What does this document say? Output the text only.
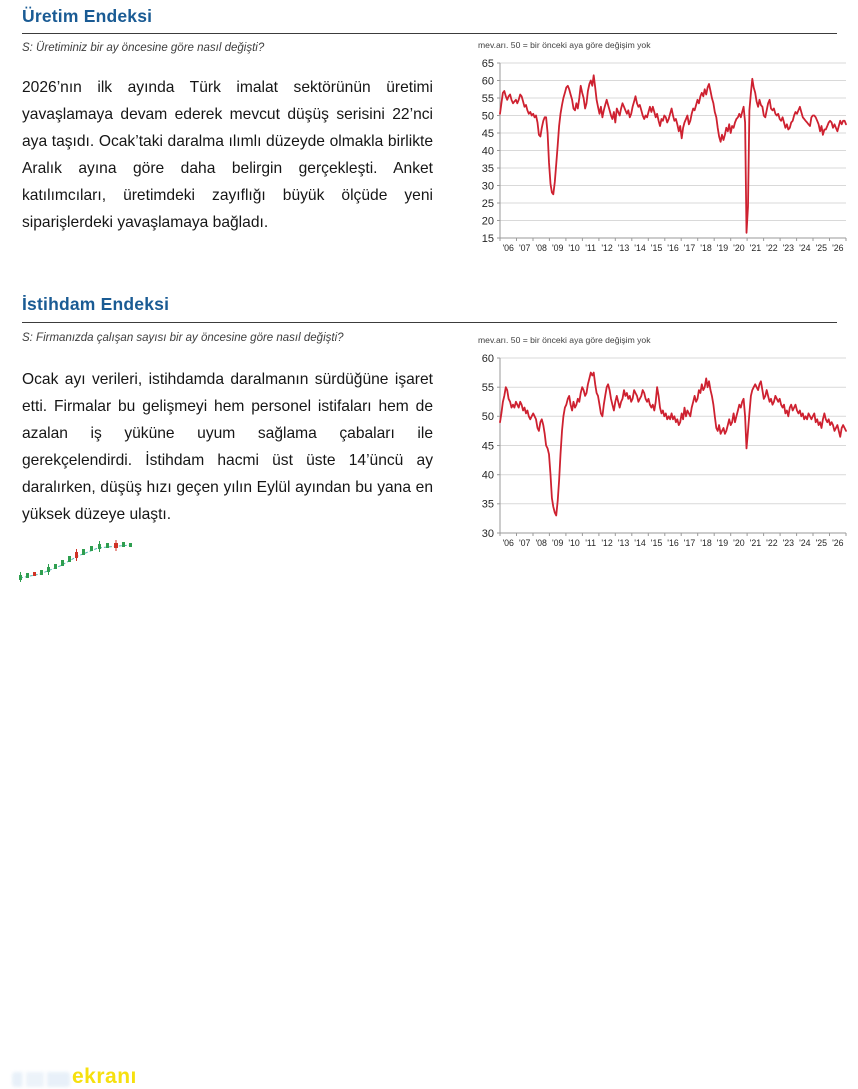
Üretim Endeksi

S: Üretiminiz bir ay öncesine göre nasıl değişti?

2026’nın ilk ayında Türk imalat sektörünün üretimi yavaşlamaya devam ederek mevcut düşüş serisini 22’nci aya taşıdı. Ocak’taki daralma ılımlı düzeyde olmakla birlikte Aralık ayına göre daha belirgin gerçekleşti. Anket katılımcıları, üretimdeki zayıflığı büyük ölçüde yeni siparişlerdeki yavaşlamaya bağladı.

mev.arı. 50 = bir önceki aya göre değişim yok
65
60
55
50
45
40
35
30
25
20
15
'06 '07 '08 '09 '10 '11 '12 '13 '14 '15 '16 '17 '18 '19 '20 '21 '22 '23 '24 '25 '26
İstihdam Endeksi

S: Firmanızda çalışan sayısı bir ay öncesine göre nasıl değişti?

Ocak ayı verileri, istihdamda daralmanın sürdüğüne işaret etti. Firmalar bu gelişmeyi hem personel istifaları hem de azalan iş yüküne uyum sağlama çabaları ile gerekçelendirdi. İstihdam hacmi üst üste 14’üncü ay daralırken, düşüş hızı geçen yılın Eylül ayından bu yana en yüksek düzeye ulaştı.

mev.arı. 50 = bir önceki aya göre değişim yok
60
55
50
45
40
35
30
'06 '07 '08 '09 '10 '11 '12 '13 '14 '15 '16 '17 '18 '19 '20 '21 '22 '23 '24 '25 '26
ekranı
